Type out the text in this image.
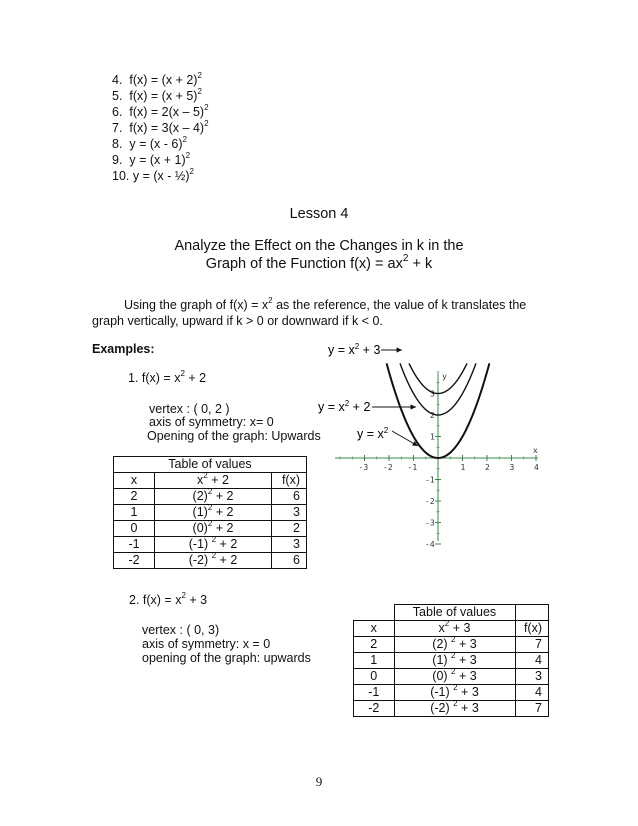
4. $f(x) = (x + 2)^2$
5. $f(x) = (x + 5)^2$
6. f(x) = 2(x – 5)$^2$
7. f(x) = 3(x – 4)$^2$
8. y = (x - 6)$^2$
9. $y = (x + 1)^2$
10. y = (x - ½)$^2$
Lesson 4
Analyze the Effect on the Changes in k in the
Graph of the Function $f(x) = ax^2 + k$
Using the graph of $f(x) = x^2$ as the reference, the value of k translates the
graph vertically, upward if k > 0 or downward if k < 0.
Examples:
1. $f(x) = x^2 + 2$
vertex : ( 0, 2 )
axis of symmetry: x= 0
Opening of the graph: Upwards
Table of values		
x	$x^2 + 2$	f(x)
2	$(2)^2 + 2$	6
1	$(1)^2 + 2$	3
0	$(0)^2 + 2$	2
-1	(-1) $^2$ + 2	3
-2	(-2) $^2$ + 2	6
x
y
-3 -2 -1	1 2 3 4
3
2
1
-1
-2
-3
-4
$y = x^2 + 3$
$y = x^2 + 2$
$y = x^2$
2. $f(x) = x^2 + 3$
vertex : ( 0, 3)
axis of symmetry: x = 0
opening of the graph: upwards
	Table of values	
x	$x^2 + 3$	f(x)
2	(2) $^2$ + 3	7
1	(1) $^2$ + 3	4
0	(0) $^2$ + 3	3
-1	(-1) $^2$ + 3	4
-2	(-2) $^2$ + 3	7
9
